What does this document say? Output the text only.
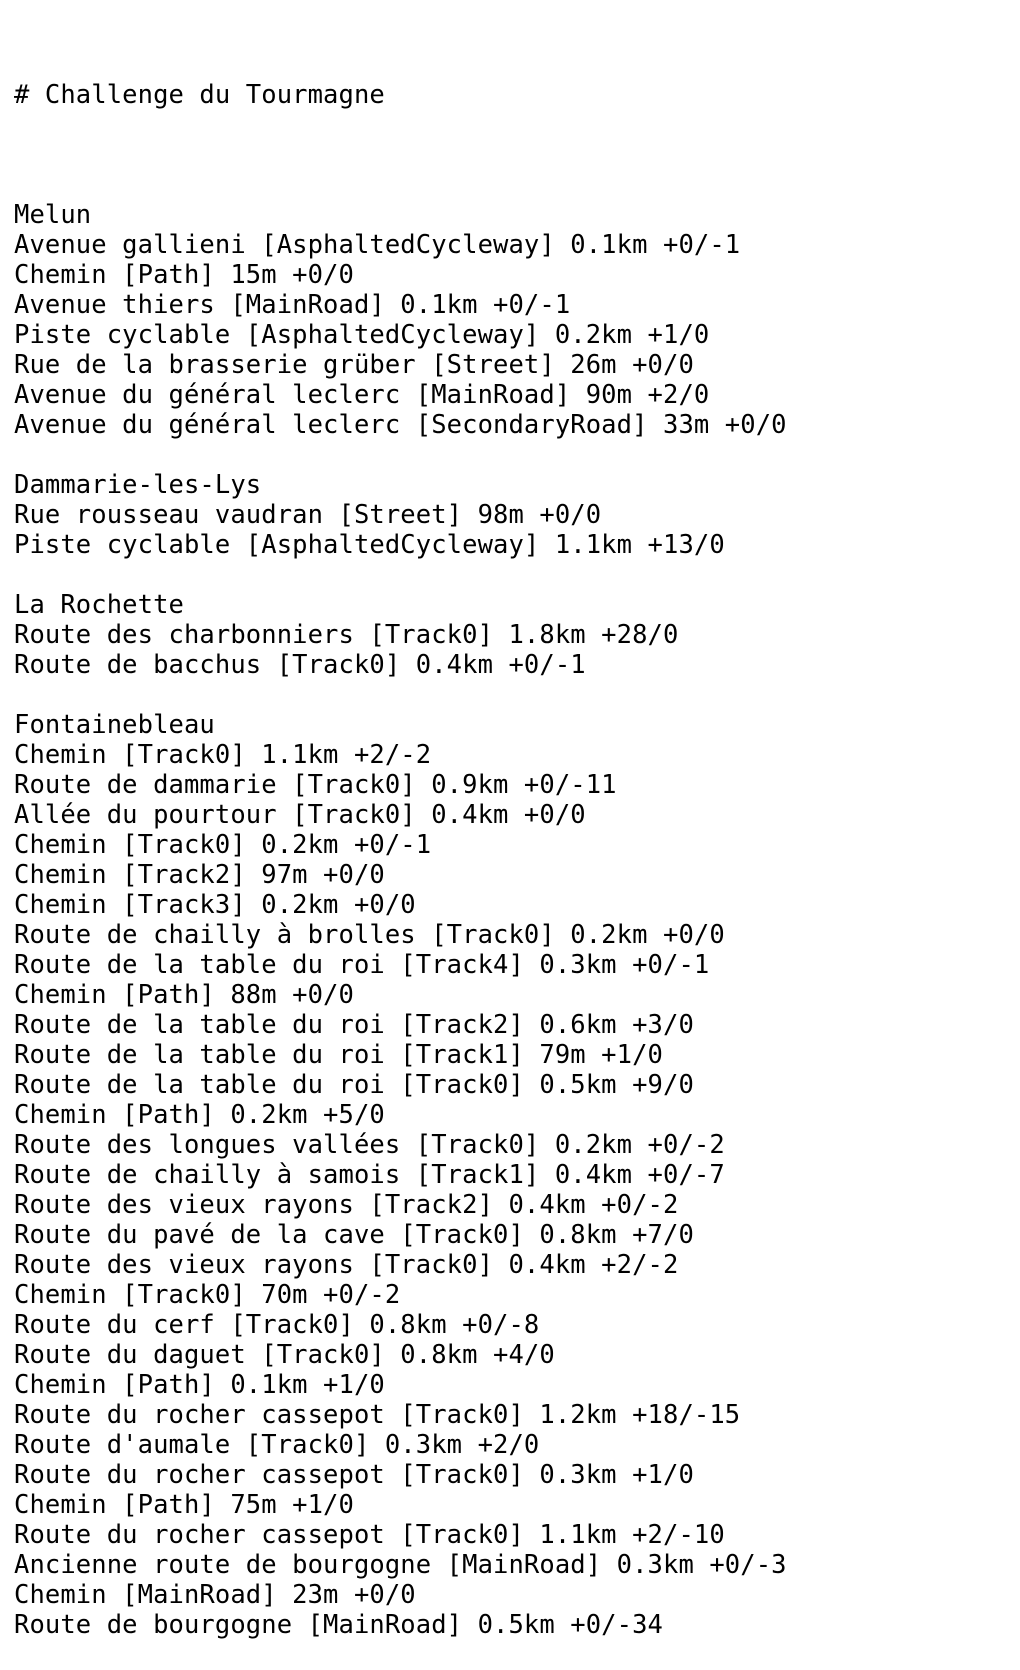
# Challenge du Tourmagne

Melun
Avenue gallieni [AsphaltedCycleway] 0.1km +0/-1
Chemin [Path] 15m +0/0
Avenue thiers [MainRoad] 0.1km +0/-1
Piste cyclable [AsphaltedCycleway] 0.2km +1/0
Rue de la brasserie grüber [Street] 26m +0/0
Avenue du général leclerc [MainRoad] 90m +2/0
Avenue du général leclerc [SecondaryRoad] 33m +0/0
Dammarie-les-Lys
Rue rousseau vaudran [Street] 98m +0/0
Piste cyclable [AsphaltedCycleway] 1.1km +13/0
La Rochette
Route des charbonniers [Track0] 1.8km +28/0
Route de bacchus [Track0] 0.4km +0/-1
Fontainebleau
Chemin [Track0] 1.1km +2/-2
Route de dammarie [Track0] 0.9km +0/-11
Allée du pourtour [Track0] 0.4km +0/0
Chemin [Track0] 0.2km +0/-1
Chemin [Track2] 97m +0/0
Chemin [Track3] 0.2km +0/0
Route de chailly à brolles [Track0] 0.2km +0/0
Route de la table du roi [Track4] 0.3km +0/-1
Chemin [Path] 88m +0/0
Route de la table du roi [Track2] 0.6km +3/0
Route de la table du roi [Track1] 79m +1/0
Route de la table du roi [Track0] 0.5km +9/0
Chemin [Path] 0.2km +5/0
Route des longues vallées [Track0] 0.2km +0/-2
Route de chailly à samois [Track1] 0.4km +0/-7
Route des vieux rayons [Track2] 0.4km +0/-2
Route du pavé de la cave [Track0] 0.8km +7/0
Route des vieux rayons [Track0] 0.4km +2/-2
Chemin [Track0] 70m +0/-2
Route du cerf [Track0] 0.8km +0/-8
Route du daguet [Track0] 0.8km +4/0
Chemin [Path] 0.1km +1/0
Route du rocher cassepot [Track0] 1.2km +18/-15
Route d'aumale [Track0] 0.3km +2/0
Route du rocher cassepot [Track0] 0.3km +1/0
Chemin [Path] 75m +1/0
Route du rocher cassepot [Track0] 1.1km +2/-10
Ancienne route de bourgogne [MainRoad] 0.3km +0/-3
Chemin [MainRoad] 23m +0/0
Route de bourgogne [MainRoad] 0.5km +0/-34
